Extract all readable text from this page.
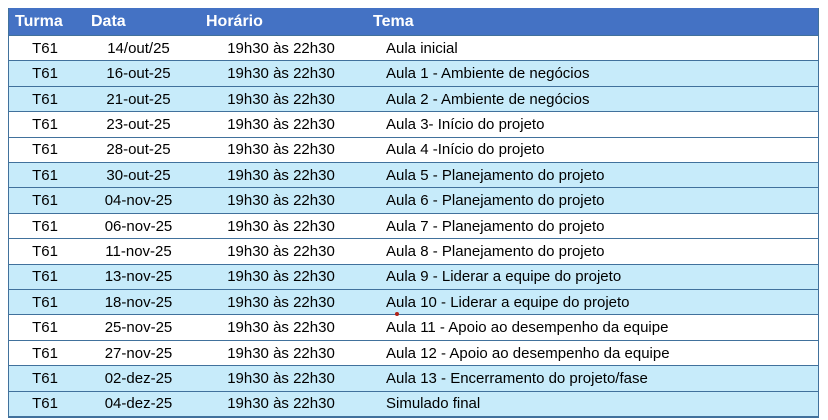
Turma	Data	Horário	Tema
T61	14/out/25	19h30 às 22h30	Aula inicial
T61	16-out-25	19h30 às 22h30	Aula 1 - Ambiente de negócios
T61	21-out-25	19h30 às 22h30	Aula 2 - Ambiente de negócios
T61	23-out-25	19h30 às 22h30	Aula 3- Início do projeto
T61	28-out-25	19h30 às 22h30	Aula 4 -Início do projeto
T61	30-out-25	19h30 às 22h30	Aula 5 - Planejamento do projeto
T61	04-nov-25	19h30 às 22h30	Aula 6 - Planejamento do projeto
T61	06-nov-25	19h30 às 22h30	Aula 7 - Planejamento do projeto
T61	11-nov-25	19h30 às 22h30	Aula 8 - Planejamento do projeto
T61	13-nov-25	19h30 às 22h30	Aula 9 - Liderar a equipe do projeto
T61	18-nov-25	19h30 às 22h30	Aula 10 - Liderar a equipe do projeto
T61	25-nov-25	19h30 às 22h30	Aula 11 - Apoio ao desempenho da equipe
T61	27-nov-25	19h30 às 22h30	Aula 12 - Apoio ao desempenho da equipe
T61	02-dez-25	19h30 às 22h30	Aula 13 - Encerramento do projeto/fase
T61	04-dez-25	19h30 às 22h30	Simulado final
